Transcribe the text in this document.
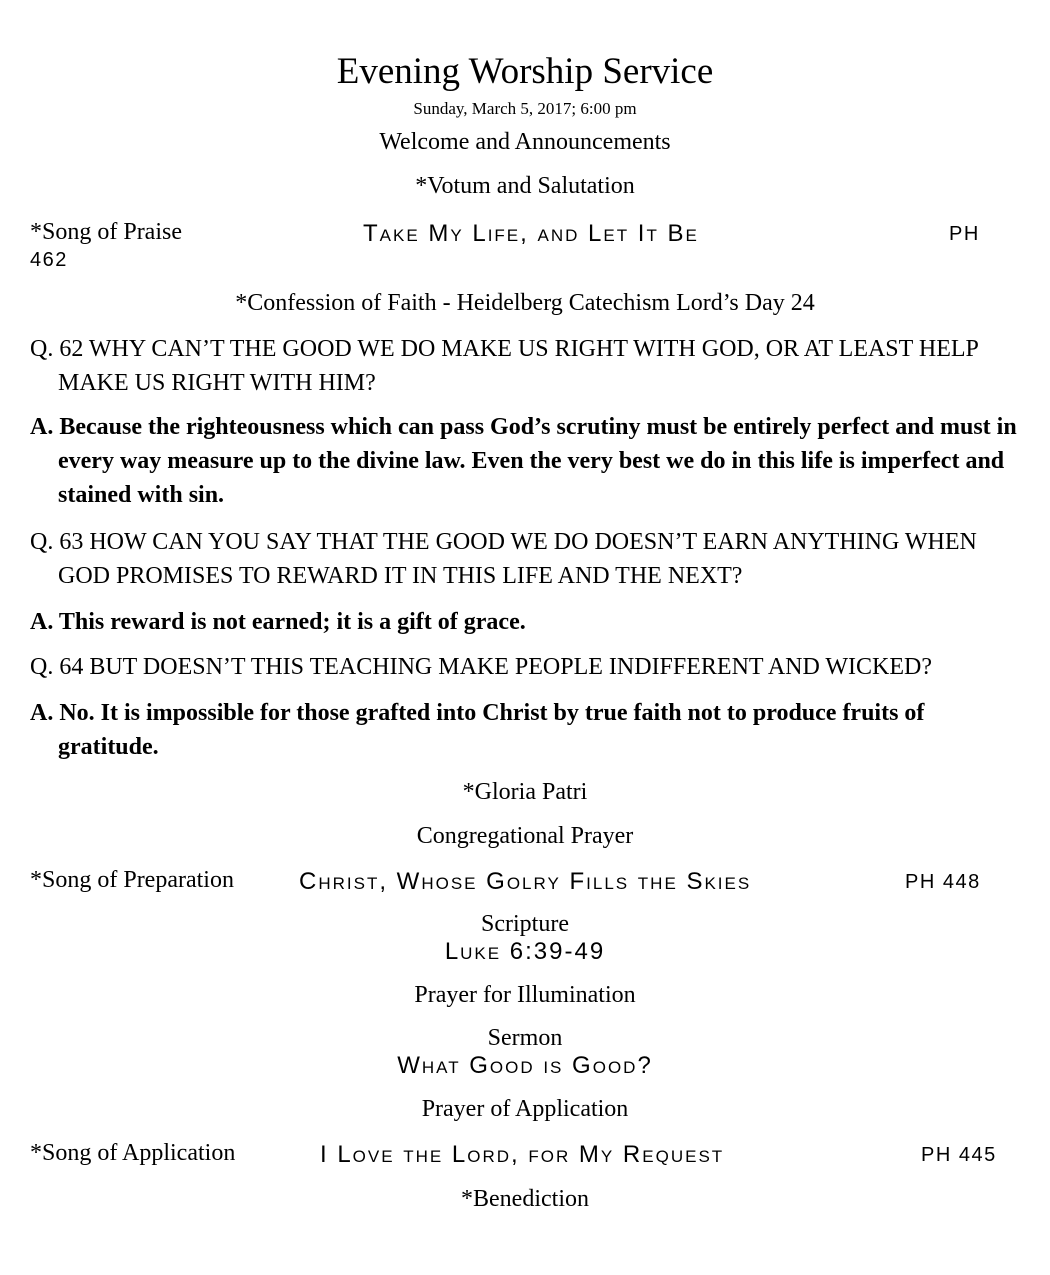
Evening Worship Service
Sunday, March 5, 2017; 6:00 pm
Welcome and Announcements
*Votum and Salutation
*Song of Praise	Take My Life, and Let It Be	PH
462
*Confession of Faith - Heidelberg Catechism Lord’s Day 24
Q. 62 WHY CAN’T THE GOOD WE DO MAKE US RIGHT WITH GOD, OR AT LEAST HELP MAKE US RIGHT WITH HIM?
A. Because the righteousness which can pass God’s scrutiny must be entirely perfect and must in every way measure up to the divine law. Even the very best we do in this life is imperfect and stained with sin.
Q. 63 HOW CAN YOU SAY THAT THE GOOD WE DO DOESN’T EARN ANYTHING WHEN GOD PROMISES TO REWARD IT IN THIS LIFE AND THE NEXT?
A. This reward is not earned; it is a gift of grace.
Q. 64 BUT DOESN’T THIS TEACHING MAKE PEOPLE INDIFFERENT AND WICKED?
A. No. It is impossible for those grafted into Christ by true faith not to produce fruits of gratitude.
*Gloria Patri
Congregational Prayer
*Song of Preparation	Christ, Whose Golry Fills the Skies	PH 448
Scripture
Luke 6:39-49
Prayer for Illumination
Sermon
What Good is Good?
Prayer of Application
*Song of Application	I Love the Lord, for My Request	PH 445
*Benediction
